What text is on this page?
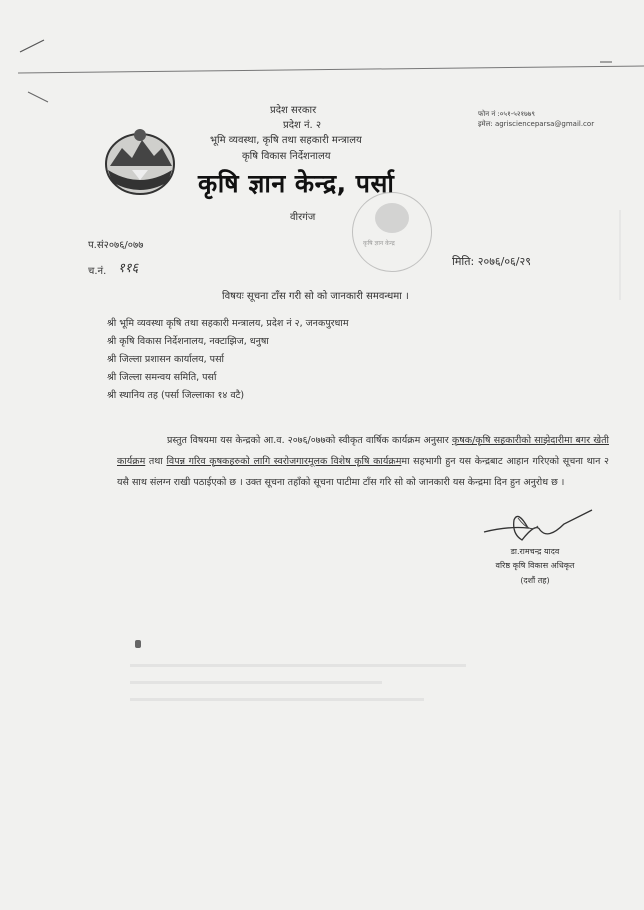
प्रदेश सरकार
प्रदेश नं. २
भूमि व्यवस्था, कृषि तथा सहकारी मन्त्रालय
कृषि विकास निर्देशनालय
कृषि ज्ञान केन्द्र, पर्सा
वीरगंज
फोन नं :०५१-५२१७७९
इमेल: agriscienceparsa@gmail.cor
कृषि ज्ञान केन्द्र
प.सं२०७६/०७७
च.नं. ११६	मिति: २०७६/०६/२९
विषयः सूचना टाँस गरी सो को जानकारी समवन्धमा ।
श्री भूमि व्यवस्था कृषि तथा सहकारी मन्त्रालय, प्रदेश नं २, जनकपुरधाम
श्री कृषि विकास निर्देशनालय, नक्टाझिज, धनुषा
श्री जिल्ला प्रशासन कार्यालय, पर्सा
श्री जिल्ला समन्वय समिति, पर्सा
श्री स्थानिय तह (पर्सा जिल्लाका १४ वटै)
प्रस्तुत विषयमा यस केन्द्रको आ.व. २०७६/०७७को स्वीकृत वार्षिक कार्यक्रम अनुसार कृषक/कृषि सहकारीको साझेदारीमा बगर खेती कार्यक्रम तथा विपन्न गरिव कृषकहरुको लागि स्वरोजगारमूलक विशेष कृषि कार्यक्रममा सहभागी हुन यस केन्द्रबाट आहान गरिएको सूचना थान २ यसै साथ संलग्न राखी पठाईएको छ । उक्त सूचना तहाँको सूचना पाटीमा टाँस गरि सो को जानकारी यस केन्द्रमा दिन हुन अनुरोध छ ।
डा.रामचन्द्र यादव
वरिष्ठ कृषि विकास अधिकृत
(दशौं तह)
